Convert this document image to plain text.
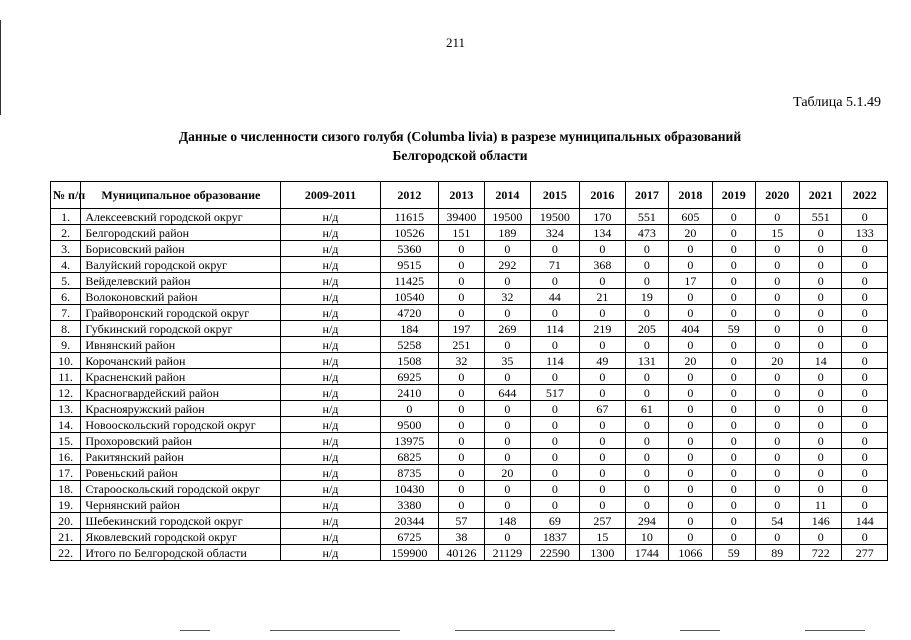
211
Таблица 5.1.49
Данные о численности сизого голубя (Columba livia) в разрезе муниципальных образований
Белгородской области
№ п/п	Муниципальное образование	2009-2011	2012	2013	2014	2015	2016	2017	2018	2019	2020	2021	2022
1.	Алексеевский городской округ	н/д	11615	39400	19500	19500	170	551	605	0	0	551	0
2.	Белгородский район	н/д	10526	151	189	324	134	473	20	0	15	0	133
3.	Борисовский район	н/д	5360	0	0	0	0	0	0	0	0	0	0
4.	Валуйский городской округ	н/д	9515	0	292	71	368	0	0	0	0	0	0
5.	Вейделевский район	н/д	11425	0	0	0	0	0	17	0	0	0	0
6.	Волоконовский район	н/д	10540	0	32	44	21	19	0	0	0	0	0
7.	Грайворонский городской округ	н/д	4720	0	0	0	0	0	0	0	0	0	0
8.	Губкинский городской округ	н/д	184	197	269	114	219	205	404	59	0	0	0
9.	Ивнянский район	н/д	5258	251	0	0	0	0	0	0	0	0	0
10.	Корочанский район	н/д	1508	32	35	114	49	131	20	0	20	14	0
11.	Красненский район	н/д	6925	0	0	0	0	0	0	0	0	0	0
12.	Красногвардейский район	н/д	2410	0	644	517	0	0	0	0	0	0	0
13.	Краснояружский район	н/д	0	0	0	0	67	61	0	0	0	0	0
14.	Новооскольский городской округ	н/д	9500	0	0	0	0	0	0	0	0	0	0
15.	Прохоровский район	н/д	13975	0	0	0	0	0	0	0	0	0	0
16.	Ракитянский район	н/д	6825	0	0	0	0	0	0	0	0	0	0
17.	Ровеньский район	н/д	8735	0	20	0	0	0	0	0	0	0	0
18.	Старооскольский городской округ	н/д	10430	0	0	0	0	0	0	0	0	0	0
19.	Чернянский район	н/д	3380	0	0	0	0	0	0	0	0	11	0
20.	Шебекинский городской округ	н/д	20344	57	148	69	257	294	0	0	54	146	144
21.	Яковлевский городской округ	н/д	6725	38	0	1837	15	10	0	0	0	0	0
22.	Итого по Белгородской области	н/д	159900	40126	21129	22590	1300	1744	1066	59	89	722	277
